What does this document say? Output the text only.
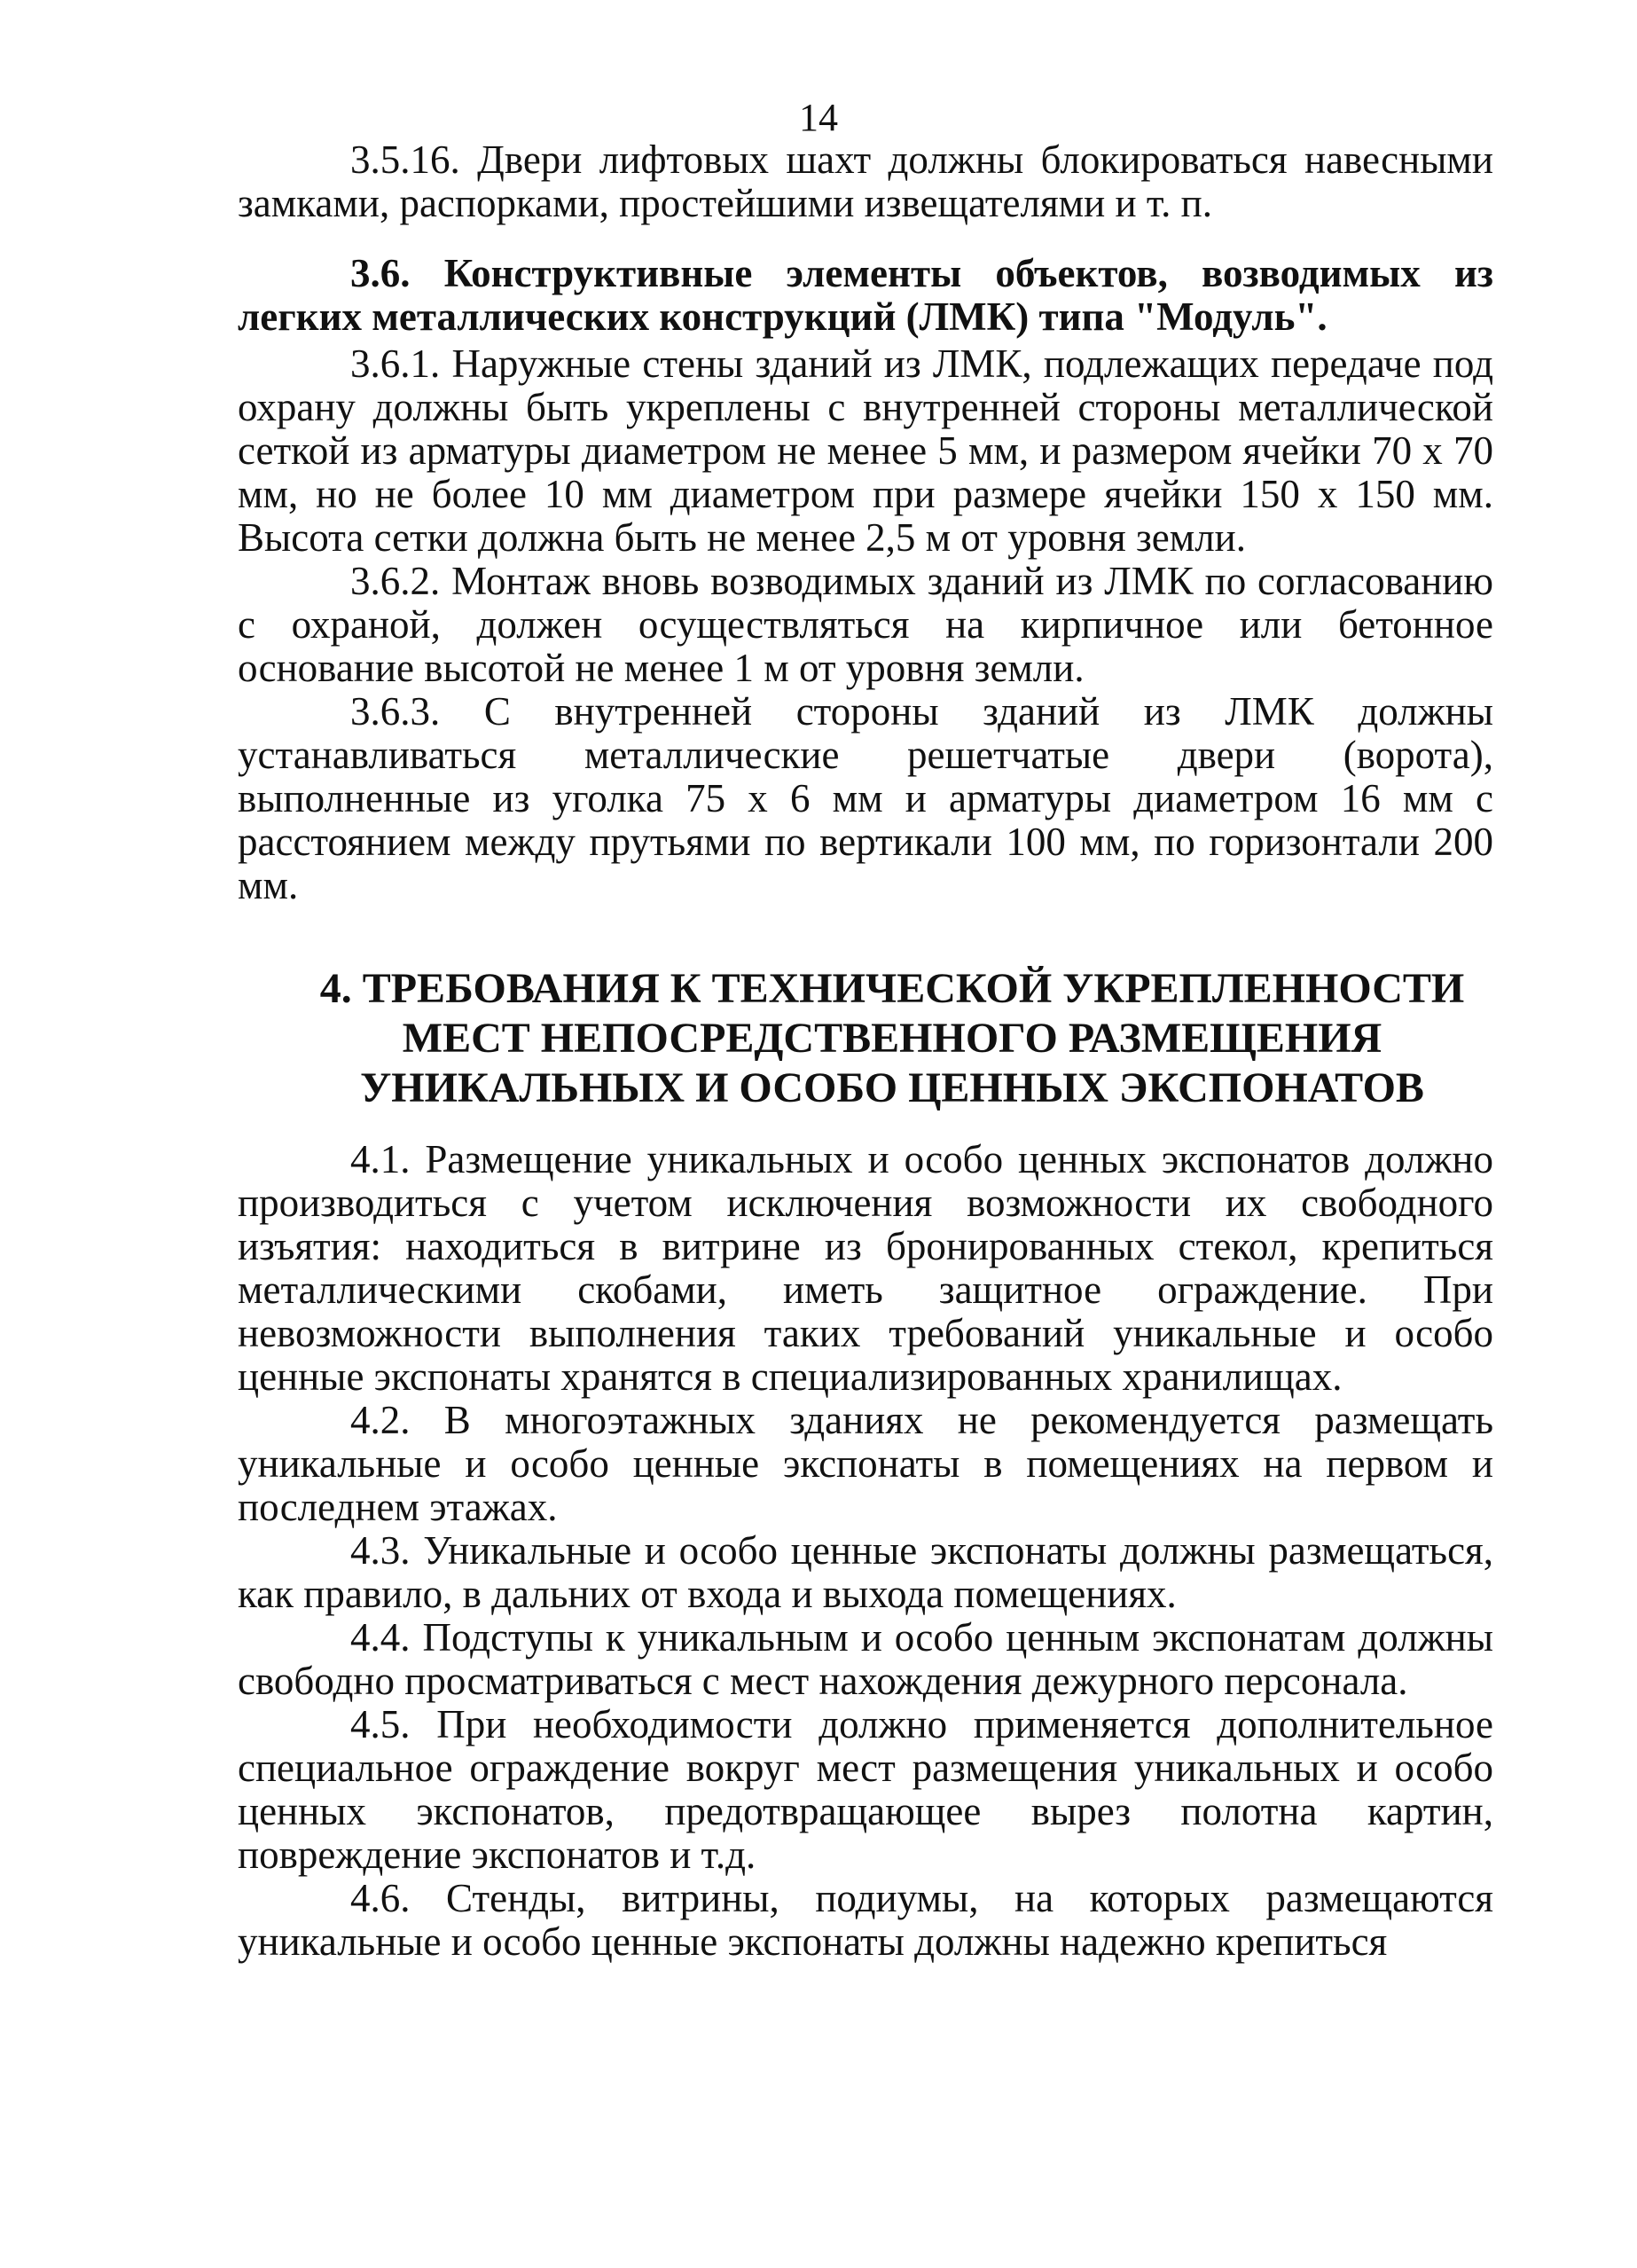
14

3.5.16. Двери лифтовых шахт должны блокироваться навесными замками, распорками, простейшими извещателями и т. п.

3.6. Конструктивные элементы объектов, возводимых из легких металлических конструкций (ЛМК) типа "Модуль".

3.6.1. Наружные стены зданий из ЛМК, подлежащих передаче под охрану должны быть укреплены с внутренней стороны металлической сеткой из арматуры диаметром не менее 5 мм, и размером ячейки 70 х 70 мм, но не более 10 мм диаметром при размере ячейки 150 х 150 мм. Высота сетки должна быть не менее 2,5 м от уровня земли.

3.6.2. Монтаж вновь возводимых зданий из ЛМК по согласованию с охраной, должен осуществляться на кирпичное или бетонное основание высотой не менее 1 м от уровня земли.

3.6.3. С внутренней стороны зданий из ЛМК должны устанавливаться металлические решетчатые двери (ворота), выполненные из уголка 75 х 6 мм и арматуры диаметром 16 мм с расстоянием между прутьями по вертикали 100 мм, по горизонтали 200 мм.

4. ТРЕБОВАНИЯ К ТЕХНИЧЕСКОЙ УКРЕПЛЕННОСТИ
МЕСТ НЕПОСРЕДСТВЕННОГО РАЗМЕЩЕНИЯ
УНИКАЛЬНЫХ И ОСОБО ЦЕННЫХ ЭКСПОНАТОВ

4.1. Размещение уникальных и особо ценных экспонатов должно производиться с учетом исключения возможности их свободного изъятия: находиться в витрине из бронированных стекол, крепиться металлическими скобами, иметь защитное ограждение. При невозможности выполнения таких требований уникальные и особо ценные экспонаты хранятся в специализированных хранилищах.

4.2. В многоэтажных зданиях не рекомендуется размещать уникальные и особо ценные экспонаты в помещениях на первом и последнем этажах.

4.3. Уникальные и особо ценные экспонаты должны размещаться, как правило, в дальних от входа и выхода помещениях.

4.4. Подступы к уникальным и особо ценным экспонатам должны свободно просматриваться с мест нахождения дежурного персонала.

4.5. При необходимости должно применяется дополнительное специальное ограждение вокруг мест размещения уникальных и особо ценных экспонатов, предотвращающее вырез полотна картин, повреждение экспонатов и т.д.

4.6. Стенды, витрины, подиумы, на которых размещаются уникальные и особо ценные экспонаты должны надежно крепиться
